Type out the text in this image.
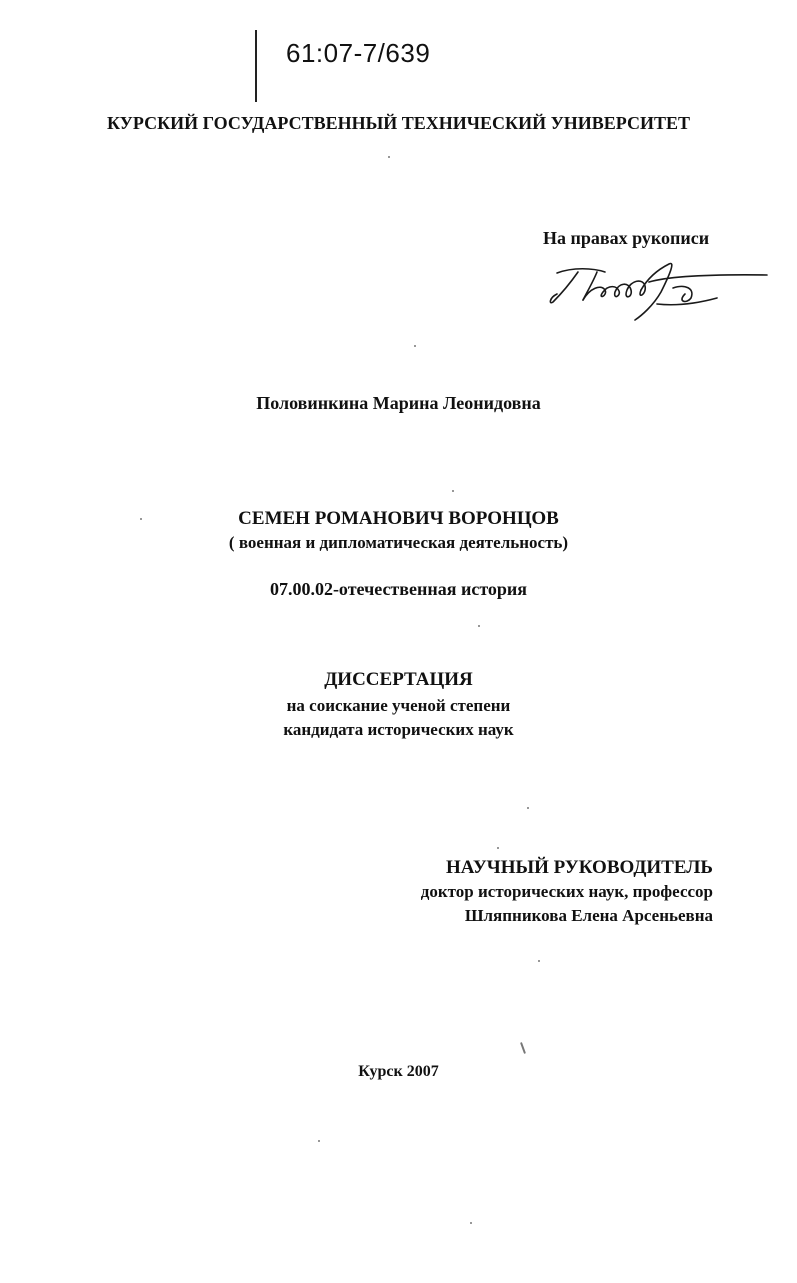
61:07-7/639
КУРСКИЙ ГОСУДАРСТВЕННЫЙ ТЕХНИЧЕСКИЙ УНИВЕРСИТЕТ
На правах рукописи
Половинкина Марина Леонидовна
СЕМЕН РОМАНОВИЧ ВОРОНЦОВ
( военная и дипломатическая деятельность)
07.00.02-отечественная история
ДИССЕРТАЦИЯ
на соискание ученой степени
кандидата исторических наук
НАУЧНЫЙ РУКОВОДИТЕЛЬ
доктор исторических наук, профессор
Шляпникова Елена Арсеньевна
Курск 2007
